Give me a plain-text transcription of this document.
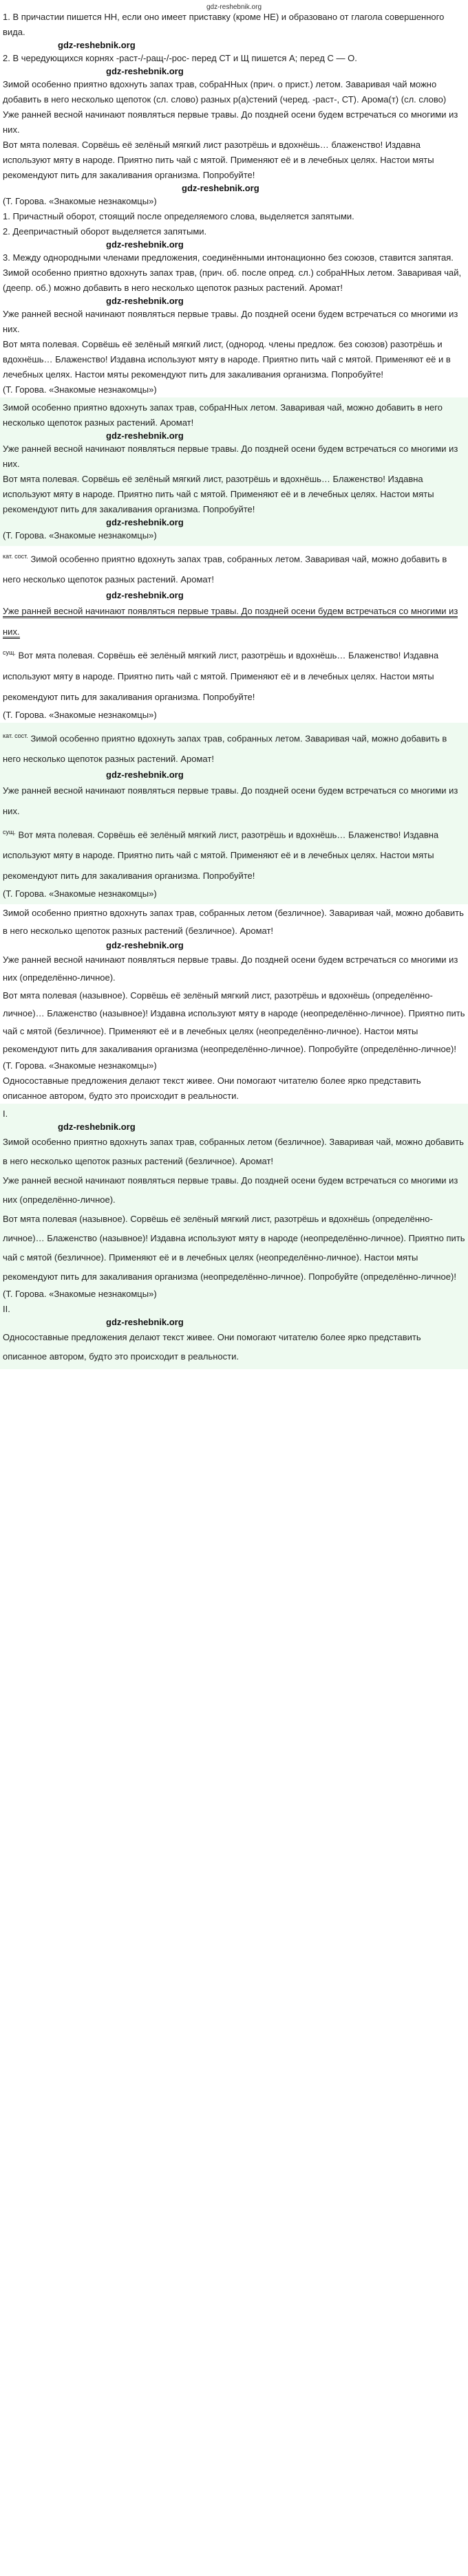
gdz-reshebnik.org

1. В причастии пишется НН, если оно имеет приставку (кроме НЕ) и образовано от глагола совершенного вида.

gdz-reshebnik.org

2. В чередующихся корнях -раст-/-ращ-/-рос- перед СТ и Щ пишется А; перед С — О.

gdz-reshebnik.org

Зимой особенно приятно вдохнуть запах трав, собраННых (прич. о прист.) летом. Заваривая чай можно добавить в него несколько щепоток (сл. слово) разных р(а)стений (черед. -раст-, СТ). Арома(т) (сл. слово)

Уже ранней весной начинают появляться первые травы. До поздней осени будем встречаться со многими из них.

Вот мята полевая. Сорвёшь её зелёный мягкий лист разотрёшь и вдохнёшь… блаженство! Издавна используют мяту в народе. Приятно пить чай с мятой. Применяют её и в лечебных целях. Настои мяты рекомендуют пить для закаливания организма. Попробуйте!

gdz-reshebnik.org

(Т. Горова. «Знакомые незнакомцы»)

1. Причастный оборот, стоящий после определяемого слова, выделяется запятыми.

2. Деепричастный оборот выделяется запятыми.

gdz-reshebnik.org

3. Между однородными членами предложения, соединёнными интонационно без союзов, ставится запятая.

Зимой особенно приятно вдохнуть запах трав, (прич. об. после опред. сл.) собраННых летом. Заваривая чай, (деепр. об.) можно добавить в него несколько щепоток разных растений. Аромат!

gdz-reshebnik.org

Уже ранней весной начинают появляться первые травы. До поздней осени будем встречаться со многими из них.

Вот мята полевая. Сорвёшь её зелёный мягкий лист, (однород. члены предлож. без союзов) разотрёшь и вдохнёшь… Блаженство! Издавна используют мяту в народе. Приятно пить чай с мятой. Применяют её и в лечебных целях. Настои мяты рекомендуют пить для закаливания организма. Попробуйте!

(Т. Горова. «Знакомые незнакомцы»)

Зимой особенно приятно вдохнуть запах трав, собраННых летом. Заваривая чай, можно добавить в него несколько щепоток разных растений. Аромат!

gdz-reshebnik.org

Уже ранней весной начинают появляться первые травы. До поздней осени будем встречаться со многими из них.

Вот мята полевая. Сорвёшь её зелёный мягкий лист, разотрёшь и вдохнёшь… Блаженство! Издавна используют мяту в народе. Приятно пить чай с мятой. Применяют её и в лечебных целях. Настои мяты рекомендуют пить для закаливания организма. Попробуйте!

gdz-reshebnik.org

(Т. Горова. «Знакомые незнакомцы»)

$^{кат. сост.}$ Зимой особенно приятно вдохнуть запах трав, собранных летом. Заваривая чай, можно добавить в него несколько щепоток разных растений. Аромат!

gdz-reshebnik.org

Уже ранней весной начинают появляться первые травы. До поздней осени будем встречаться со многими из них.

$^{сущ.}$ Вот мята полевая. Сорвёшь её зелёный мягкий лист, разотрёшь и вдохнёшь… Блаженство! Издавна используют мяту в народе. Приятно пить чай с мятой. Применяют её и в лечебных целях. Настои мяты рекомендуют пить для закаливания организма. Попробуйте!

(Т. Горова. «Знакомые незнакомцы»)

$^{кат. сост.}$ Зимой особенно приятно вдохнуть запах трав, собранных летом. Заваривая чай, можно добавить в него несколько щепоток разных растений. Аромат!

gdz-reshebnik.org

Уже ранней весной начинают появляться первые травы. До поздней осени будем встречаться со многими из них.

$^{сущ.}$ Вот мята полевая. Сорвёшь её зелёный мягкий лист, разотрёшь и вдохнёшь… Блаженство! Издавна используют мяту в народе. Приятно пить чай с мятой. Применяют её и в лечебных целях. Настои мяты рекомендуют пить для закаливания организма. Попробуйте!

(Т. Горова. «Знакомые незнакомцы»)

Зимой особенно приятно вдохнуть запах трав, собранных летом (безличное). Заваривая чай, можно добавить в него несколько щепоток разных растений (безличное). Аромат!

gdz-reshebnik.org

Уже ранней весной начинают появляться первые травы. До поздней осени будем встречаться со многими из них (определённо-личное).

Вот мята полевая (назывное). Сорвёшь её зелёный мягкий лист, разотрёшь и вдохнёшь (определённо-личное)… Блаженство (назывное)! Издавна используют мяту в народе (неопределённо-личное). Приятно пить чай с мятой (безличное). Применяют её и в лечебных целях (неопределённо-личное). Настои мяты рекомендуют пить для закаливания организма (неопределённо-личное). Попробуйте (определённо-личное)!

(Т. Горова. «Знакомые незнакомцы»)

Односоставные предложения делают текст живее. Они помогают читателю более ярко представить описанное автором, будто это происходит в реальности.

I.

gdz-reshebnik.org

Зимой особенно приятно вдохнуть запах трав, собранных летом (безличное). Заваривая чай, можно добавить в него несколько щепоток разных растений (безличное). Аромат!

Уже ранней весной начинают появляться первые травы. До поздней осени будем встречаться со многими из них (определённо-личное).

Вот мята полевая (назывное). Сорвёшь её зелёный мягкий лист, разотрёшь и вдохнёшь (определённо-личное)… Блаженство (назывное)! Издавна используют мяту в народе (неопределённо-личное). Приятно пить чай с мятой (безличное). Применяют её и в лечебных целях (неопределённо-личное). Настои мяты рекомендуют пить для закаливания организма (неопределённо-личное). Попробуйте (определённо-личное)!

(Т. Горова. «Знакомые незнакомцы»)

II.

gdz-reshebnik.org

Односоставные предложения делают текст живее. Они помогают читателю более ярко представить описанное автором, будто это происходит в реальности.
